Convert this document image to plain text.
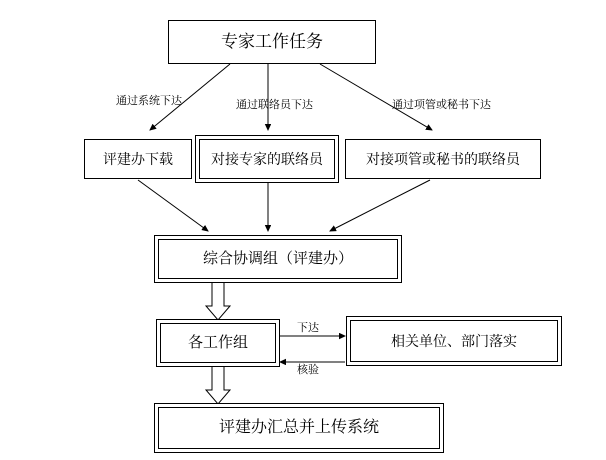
专家工作任务
评建办下载	对接专家的联络员	对接项管或秘书的联络员
综合协调组（评建办）
各工作组	相关单位、部门落实
评建办汇总并上传系统
通过系统下达	通过联络员下达	通过项管或秘书下达
下达
核验
